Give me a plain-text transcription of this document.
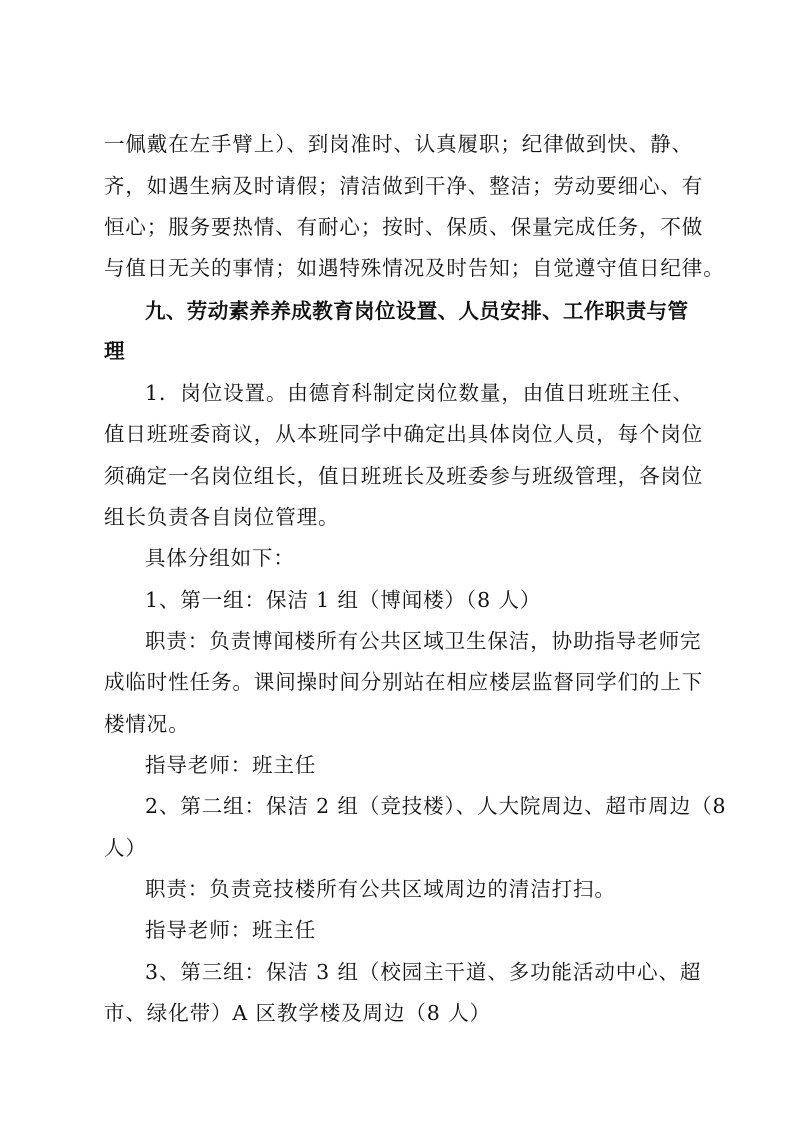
一佩戴在左手臂上）、到岗准时、认真履职；纪律做到快、静、
齐，如遇生病及时请假；清洁做到干净、整洁；劳动要细心、有
恒心；服务要热情、有耐心；按时、保质、保量完成任务，不做
与值日无关的事情；如遇特殊情况及时告知；自觉遵守值日纪律。
九、劳动素养养成教育岗位设置、人员安排、工作职责与管
理
1．岗位设置。由德育科制定岗位数量，由值日班班主任、
值日班班委商议，从本班同学中确定出具体岗位人员，每个岗位
须确定一名岗位组长，值日班班长及班委参与班级管理，各岗位
组长负责各自岗位管理。
具体分组如下：
1、第一组：保洁 1 组（博闻楼）（8 人）
职责：负责博闻楼所有公共区域卫生保洁，协助指导老师完
成临时性任务。课间操时间分别站在相应楼层监督同学们的上下
楼情况。
指导老师：班主任
2、第二组：保洁 2 组（竞技楼）、人大院周边、超市周边（8
人）
职责：负责竞技楼所有公共区域周边的清洁打扫。
指导老师：班主任
3、第三组：保洁 3 组（校园主干道、多功能活动中心、超
市、绿化带）A 区教学楼及周边（8 人）
